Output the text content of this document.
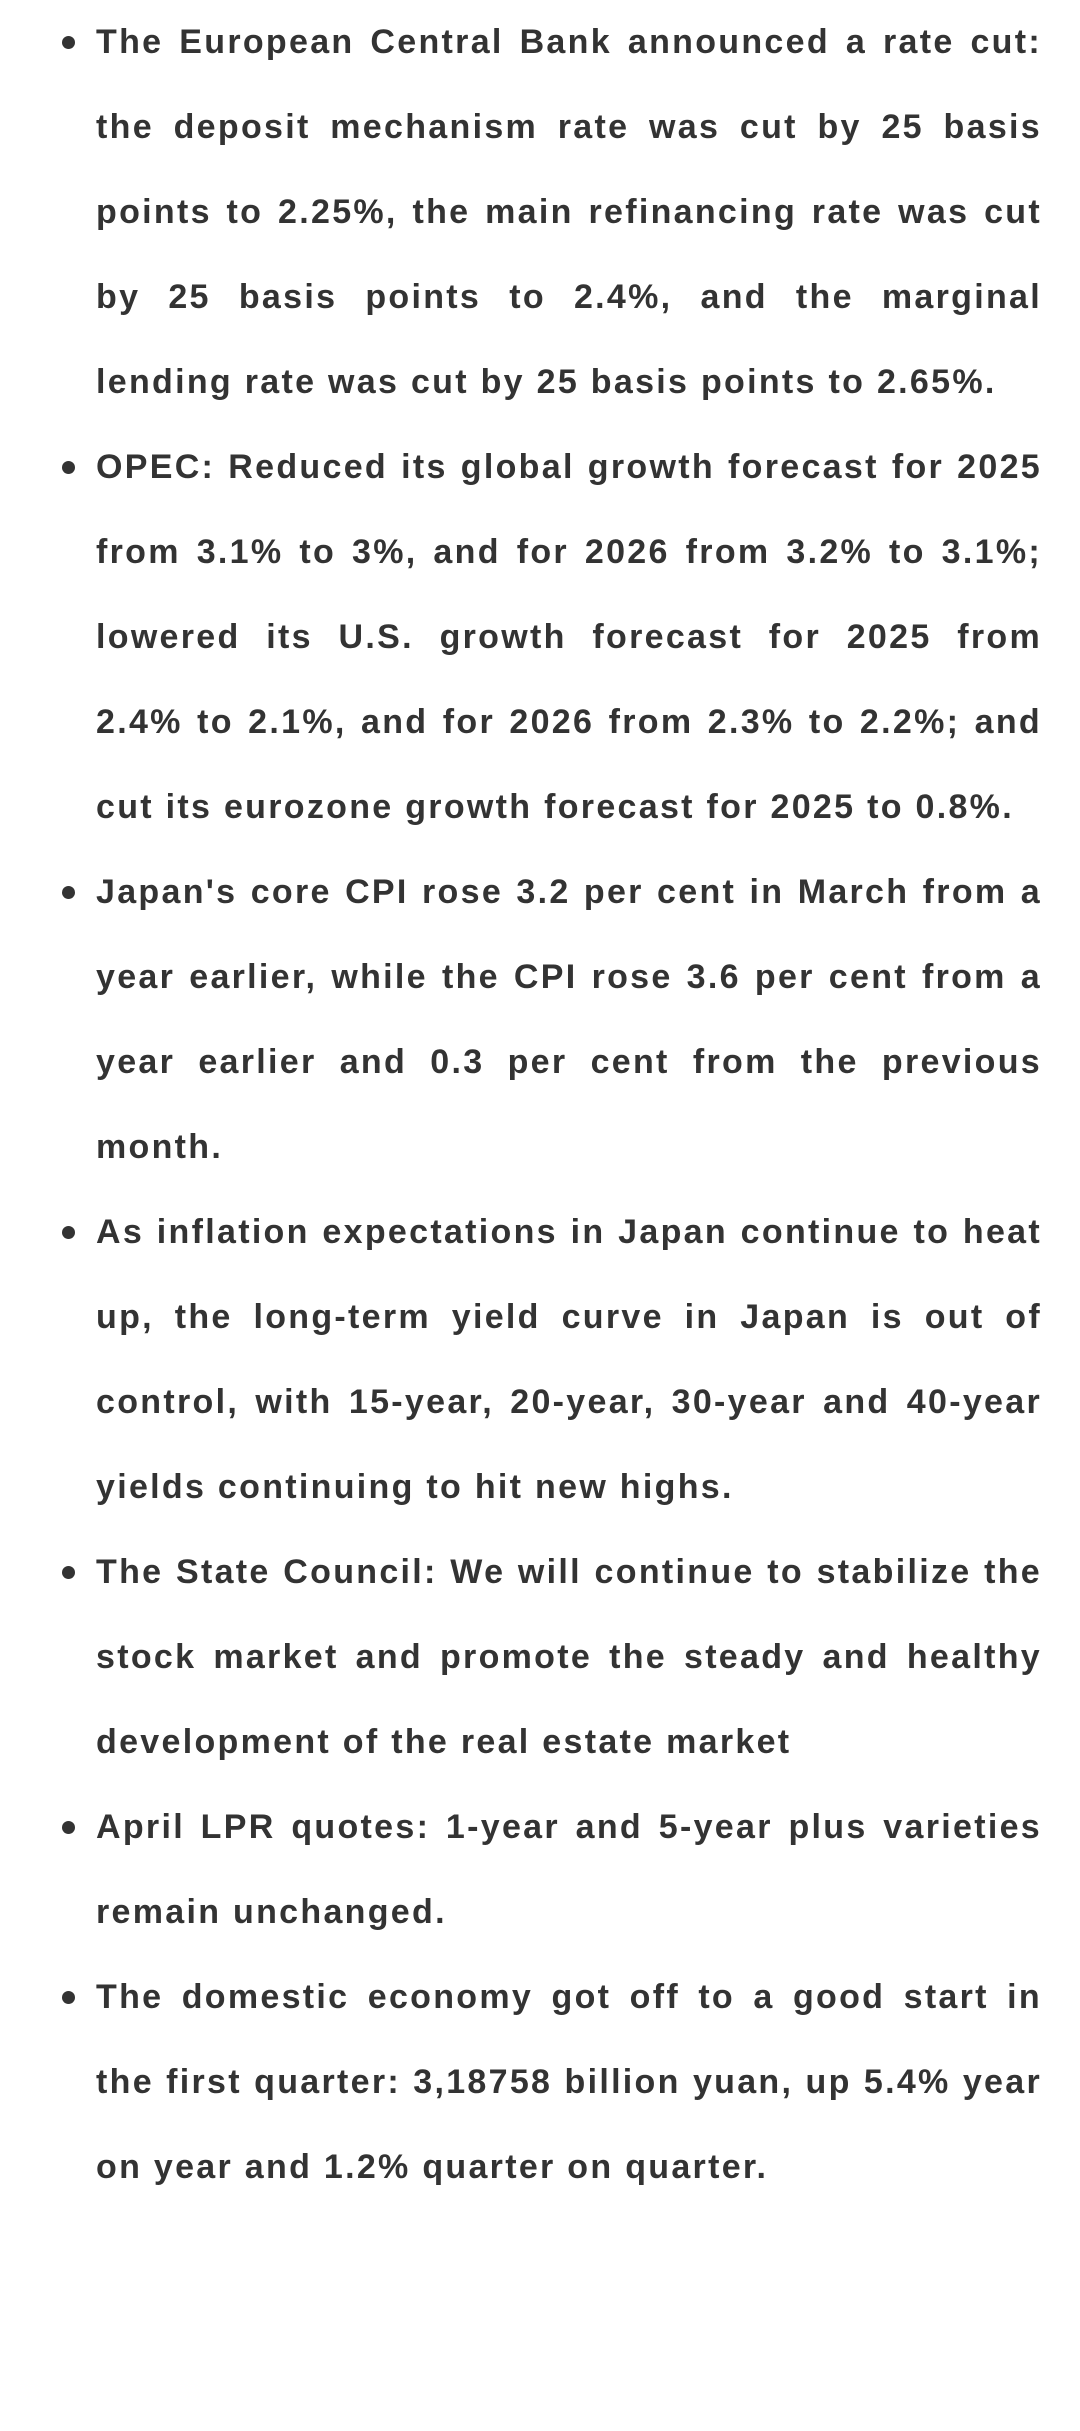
The European Central Bank announced a rate cut: the deposit mechanism rate was cut by 25 basis points to 2.25%, the main refinancing rate was cut by 25 basis points to 2.4%, and the marginal lending rate was cut by 25 basis points to 2.65%.
OPEC: Reduced its global growth forecast for 2025 from 3.1% to 3%, and for 2026 from 3.2% to 3.1%; lowered its U.S. growth forecast for 2025 from 2.4% to 2.1%, and for 2026 from 2.3% to 2.2%; and cut its eurozone growth forecast for 2025 to 0.8%.
Japan's core CPI rose 3.2 per cent in March from a year earlier, while the CPI rose 3.6 per cent from a year earlier and 0.3 per cent from the previous month.
As inflation expectations in Japan continue to heat up, the long-term yield curve in Japan is out of control, with 15-year, 20-year, 30-year and 40-year yields continuing to hit new highs.
The State Council: We will continue to stabilize the stock market and promote the steady and healthy development of the real estate market
April LPR quotes: 1-year and 5-year plus varieties remain unchanged.
The domestic economy got off to a good start in the first quarter: 3,18758 billion yuan, up 5.4% year on year and 1.2% quarter on quarter.
